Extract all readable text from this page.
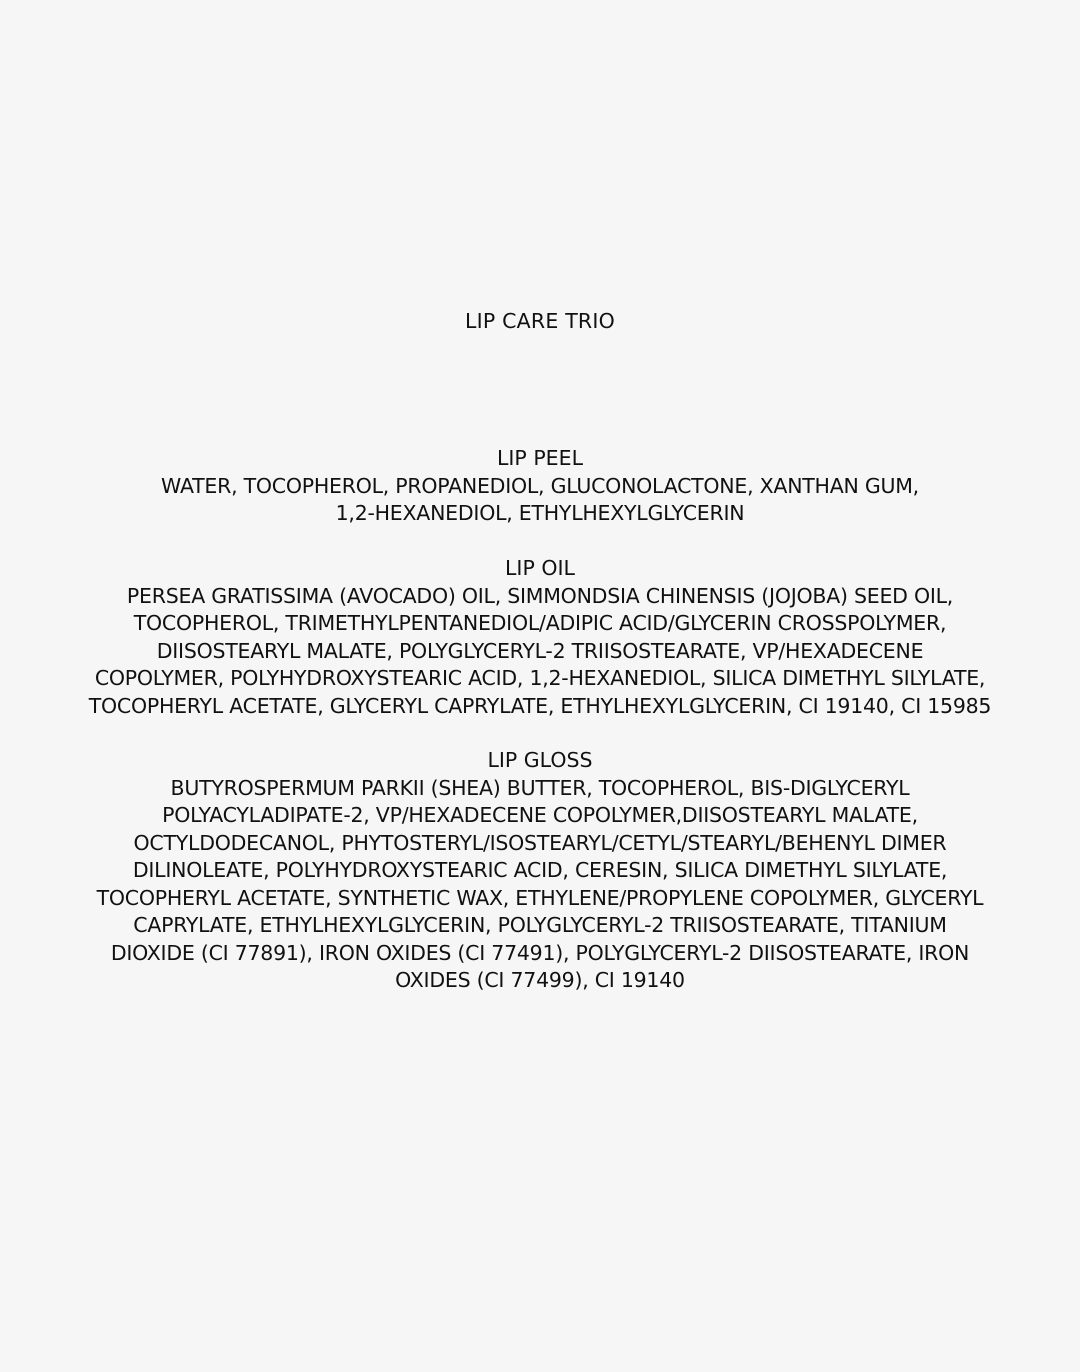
LIP CARE TRIO
LIP PEEL
WATER, TOCOPHEROL, PROPANEDIOL, GLUCONOLACTONE, XANTHAN GUM,
1,2-HEXANEDIOL, ETHYLHEXYLGLYCERIN
LIP OIL
PERSEA GRATISSIMA (AVOCADO) OIL, SIMMONDSIA CHINENSIS (JOJOBA) SEED OIL,
TOCOPHEROL, TRIMETHYLPENTANEDIOL/ADIPIC ACID/GLYCERIN CROSSPOLYMER,
DIISOSTEARYL MALATE, POLYGLYCERYL-2 TRIISOSTEARATE, VP/HEXADECENE
COPOLYMER, POLYHYDROXYSTEARIC ACID, 1,2-HEXANEDIOL, SILICA DIMETHYL SILYLATE,
TOCOPHERYL ACETATE, GLYCERYL CAPRYLATE, ETHYLHEXYLGLYCERIN, CI 19140, CI 15985
LIP GLOSS
BUTYROSPERMUM PARKII (SHEA) BUTTER, TOCOPHEROL, BIS-DIGLYCERYL
POLYACYLADIPATE-2, VP/HEXADECENE COPOLYMER,DIISOSTEARYL MALATE,
OCTYLDODECANOL, PHYTOSTERYL/ISOSTEARYL/CETYL/STEARYL/BEHENYL DIMER
DILINOLEATE, POLYHYDROXYSTEARIC ACID, CERESIN, SILICA DIMETHYL SILYLATE,
TOCOPHERYL ACETATE, SYNTHETIC WAX, ETHYLENE/PROPYLENE COPOLYMER, GLYCERYL
CAPRYLATE, ETHYLHEXYLGLYCERIN, POLYGLYCERYL-2 TRIISOSTEARATE, TITANIUM
DIOXIDE (CI 77891), IRON OXIDES (CI 77491), POLYGLYCERYL-2 DIISOSTEARATE, IRON
OXIDES (CI 77499), CI 19140
